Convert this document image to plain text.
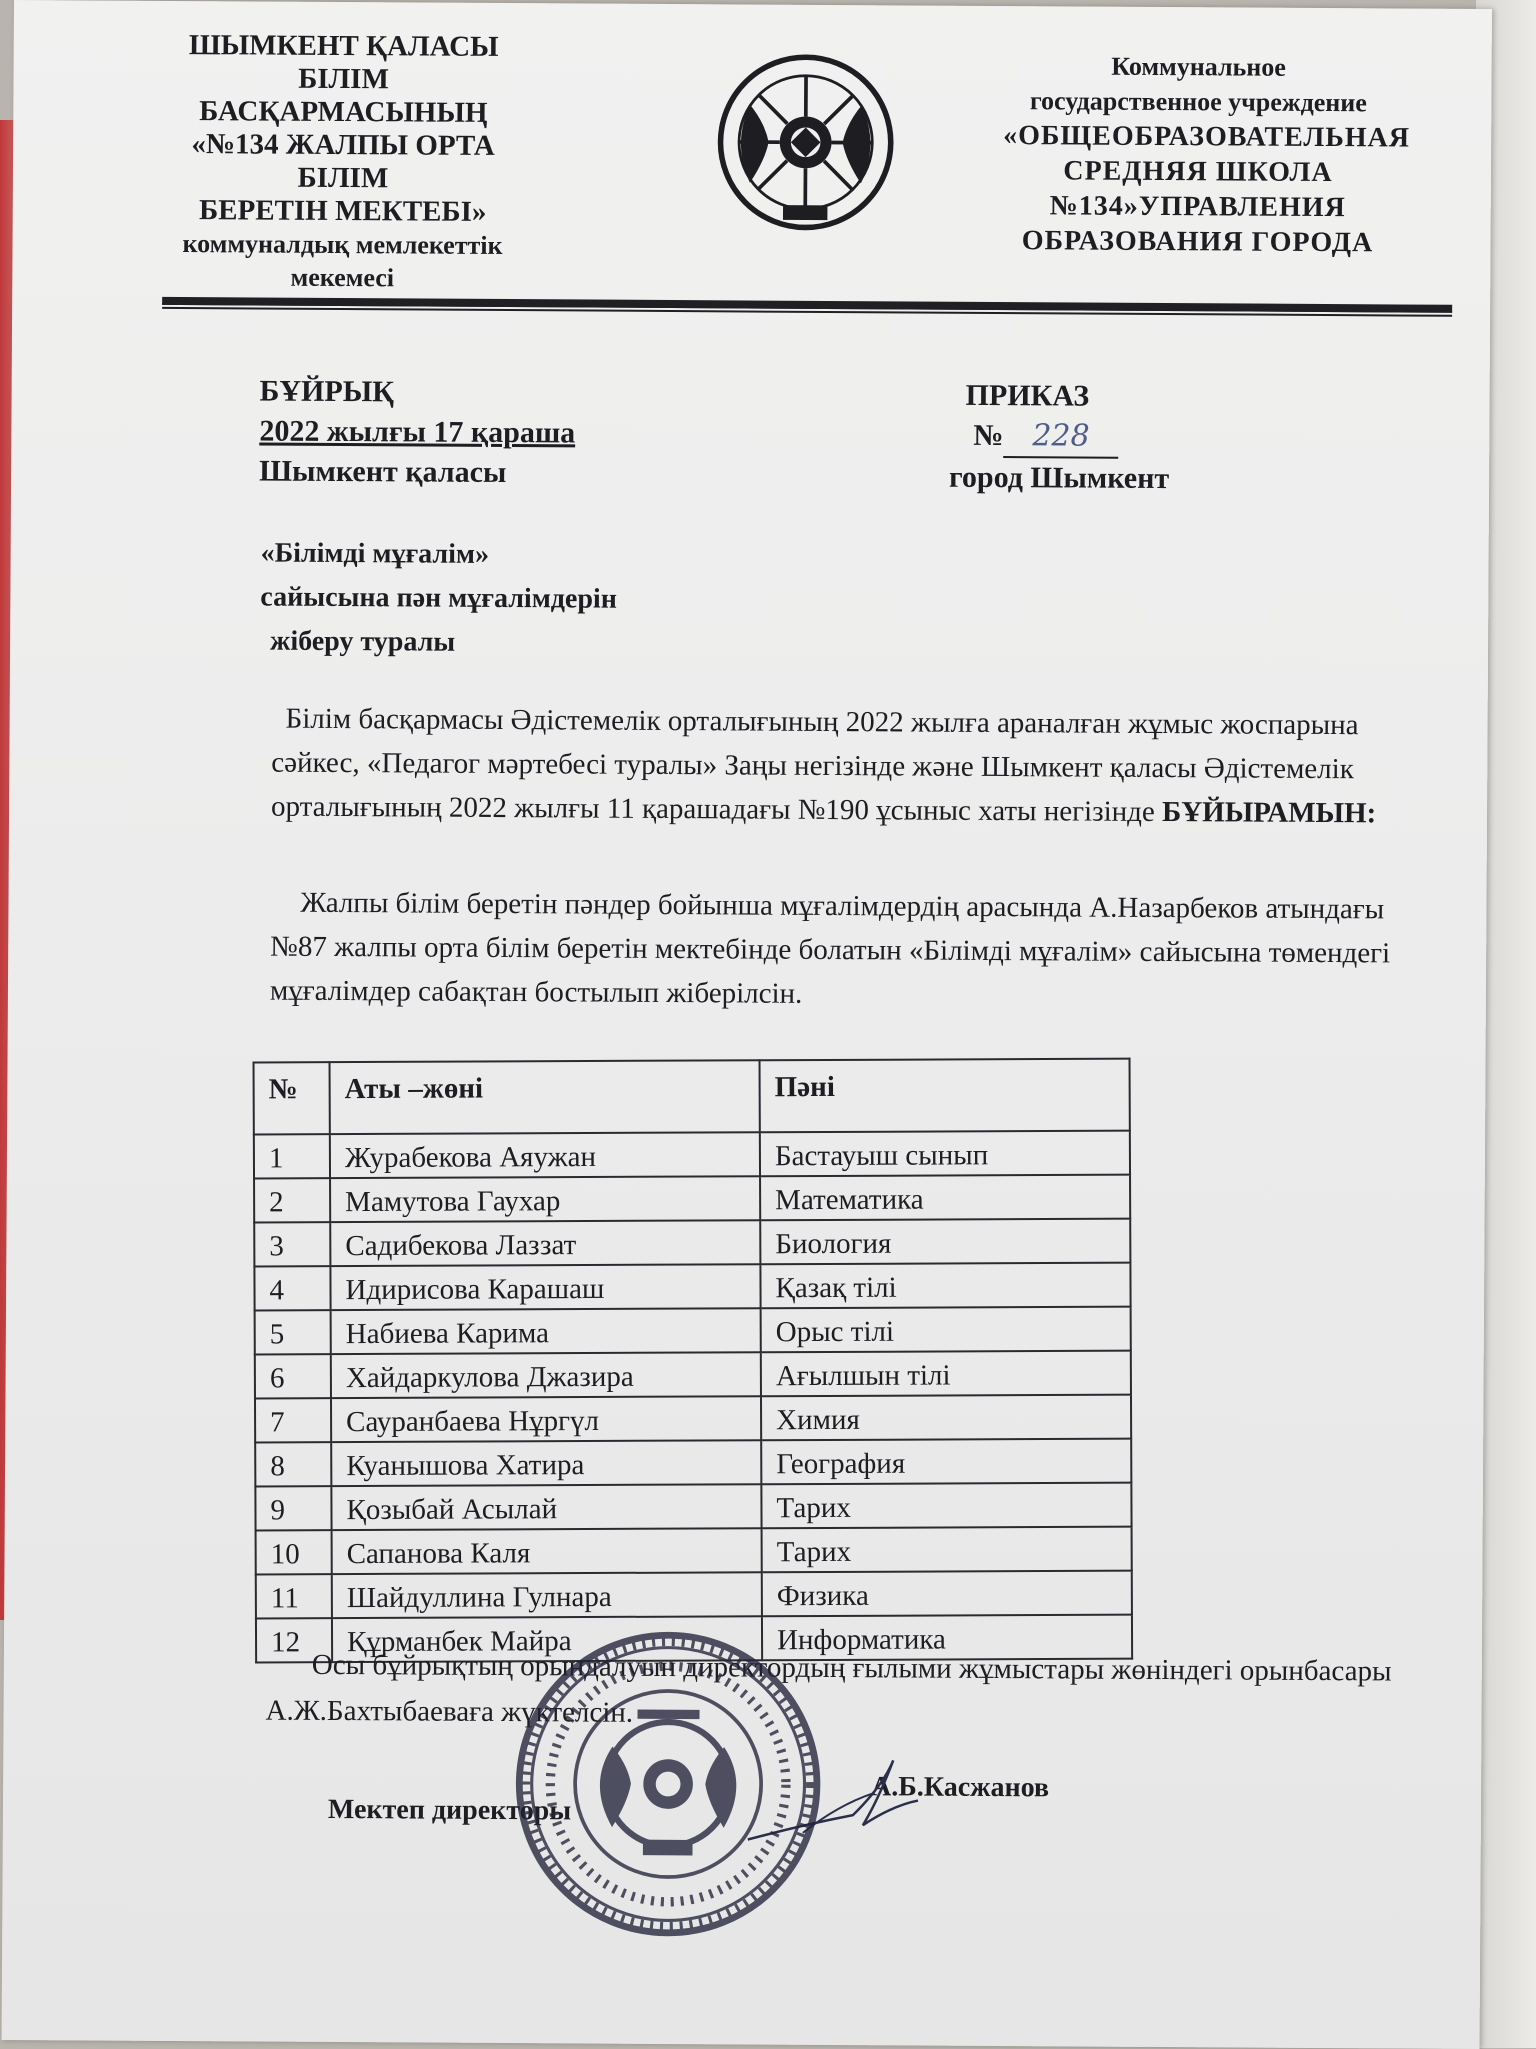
ШЫМКЕНТ ҚАЛАСЫ БІЛІМ
БАСҚАРМАСЫНЫҢ
«№134 ЖАЛПЫ ОРТА БІЛІМ
БЕРЕТІН МЕКТЕБІ»
коммуналдық мемлекеттік
мекемесі
Коммунальное
государственное учреждение
«ОБЩЕОБРАЗОВАТЕЛЬНАЯ
СРЕДНЯЯ ШКОЛА
№134»УПРАВЛЕНИЯ
ОБРАЗОВАНИЯ ГОРОДА
БҰЙРЫҚ
2022 жылғы 17 қараша
Шымкент қаласы
ПРИКАЗ
№ 228
город Шымкент
«Білімді мұғалім»
сайысына пән мұғалімдерін
жіберу туралы
Білім басқармасы Әдістемелік орталығының 2022 жылға араналған жұмыс жоспарына сәйкес, «Педагог мәртебесі туралы» Заңы негізінде және Шымкент қаласы Әдістемелік орталығының 2022 жылғы 11 қарашадағы №190 ұсыныс хаты негізінде БҰЙЫРАМЫН:
Жалпы білім беретін пәндер бойынша мұғалімдердің арасында А.Назарбеков атындағы №87 жалпы орта білім беретін мектебінде болатын «Білімді мұғалім» сайысына төмендегі мұғалімдер сабақтан бостылып жіберілсін.
№	Аты –жөні	Пәні
1	Журабекова Аяужан	Бастауыш сынып
2	Мамутова Гаухар	Математика
3	Садибекова Лаззат	Биология
4	Идирисова Карашаш	Қазақ тілі
5	Набиева Карима	Орыс тілі
6	Хайдаркулова Джазира	Ағылшын тілі
7	Сауранбаева Нұргүл	Химия
8	Куанышова Хатира	География
9	Қозыбай Асылай	Тарих
10	Сапанова Каля	Тарих
11	Шайдуллина Гулнара	Физика
12	Құрманбек Майра	Информатика
Осы бұйрықтың орындалуын директордың ғылыми жұмыстары жөніндегі орынбасары А.Ж.Бахтыбаеваға жүктелсін.
Мектеп директоры
А.Б.Касжанов
